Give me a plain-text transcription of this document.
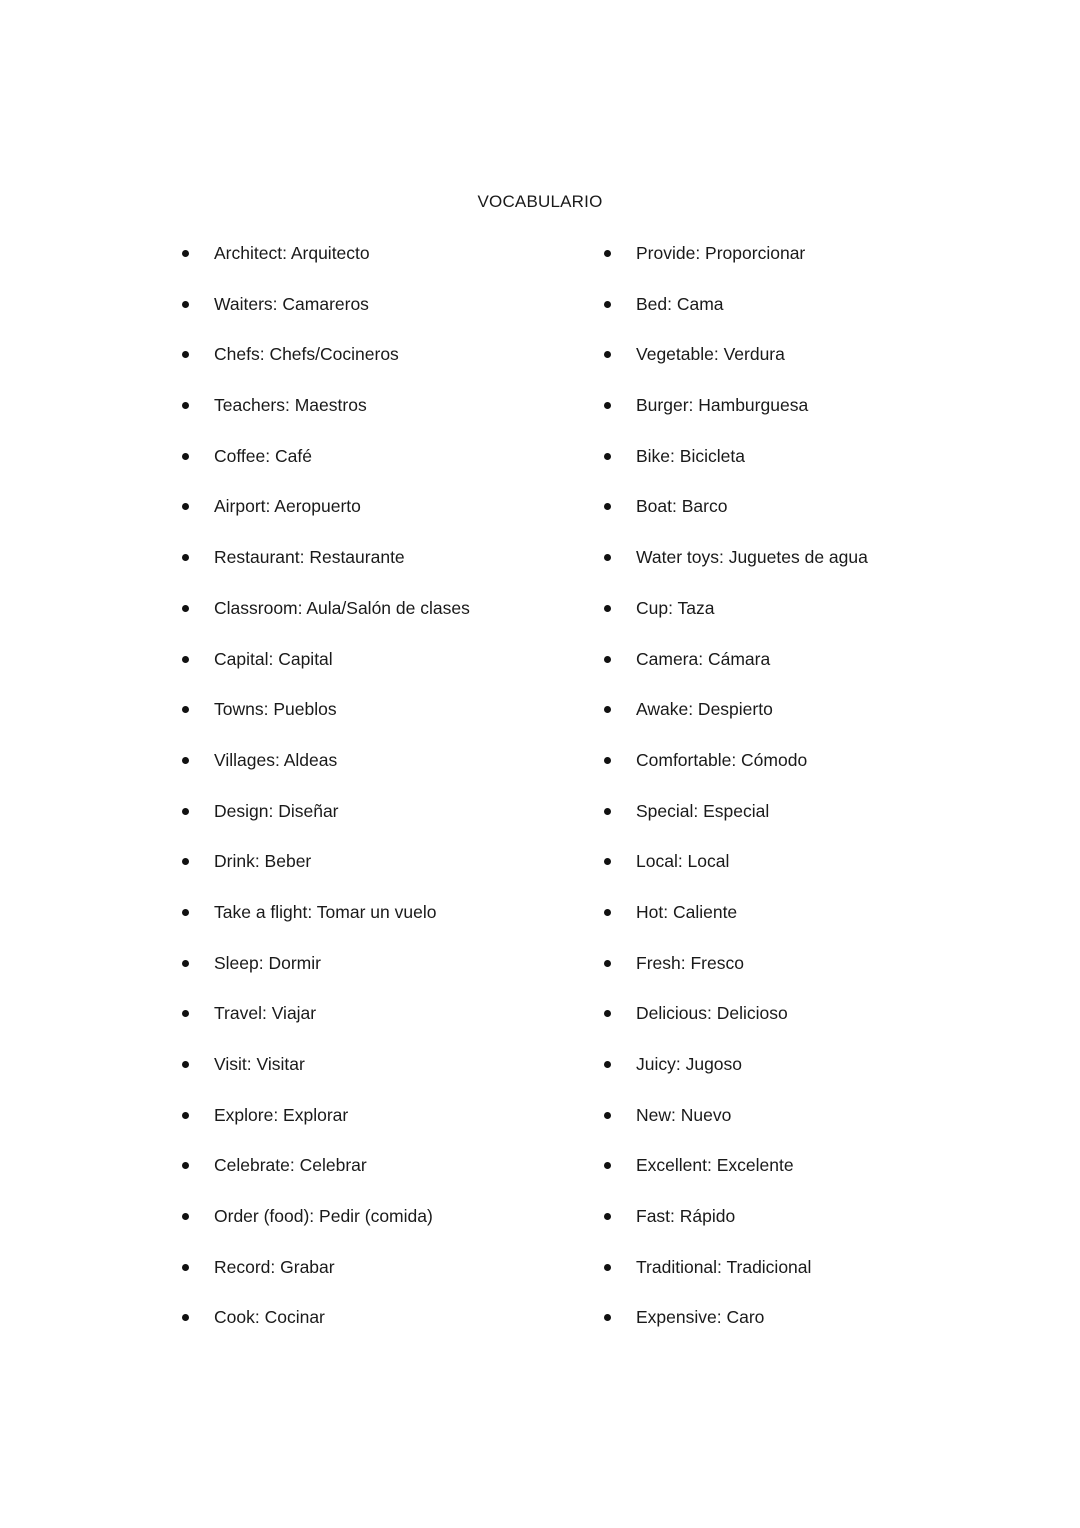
VOCABULARIO
Architect: Arquitecto
Waiters: Camareros
Chefs: Chefs/Cocineros
Teachers: Maestros
Coffee: Café
Airport: Aeropuerto
Restaurant: Restaurante
Classroom: Aula/Salón de clases
Capital: Capital
Towns: Pueblos
Villages: Aldeas
Design: Diseñar
Drink: Beber
Take a flight: Tomar un vuelo
Sleep: Dormir
Travel: Viajar
Visit: Visitar
Explore: Explorar
Celebrate: Celebrar
Order (food): Pedir (comida)
Record: Grabar
Cook: Cocinar
Provide: Proporcionar
Bed: Cama
Vegetable: Verdura
Burger: Hamburguesa
Bike: Bicicleta
Boat: Barco
Water toys: Juguetes de agua
Cup: Taza
Camera: Cámara
Awake: Despierto
Comfortable: Cómodo
Special: Especial
Local: Local
Hot: Caliente
Fresh: Fresco
Delicious: Delicioso
Juicy: Jugoso
New: Nuevo
Excellent: Excelente
Fast: Rápido
Traditional: Tradicional
Expensive: Caro
